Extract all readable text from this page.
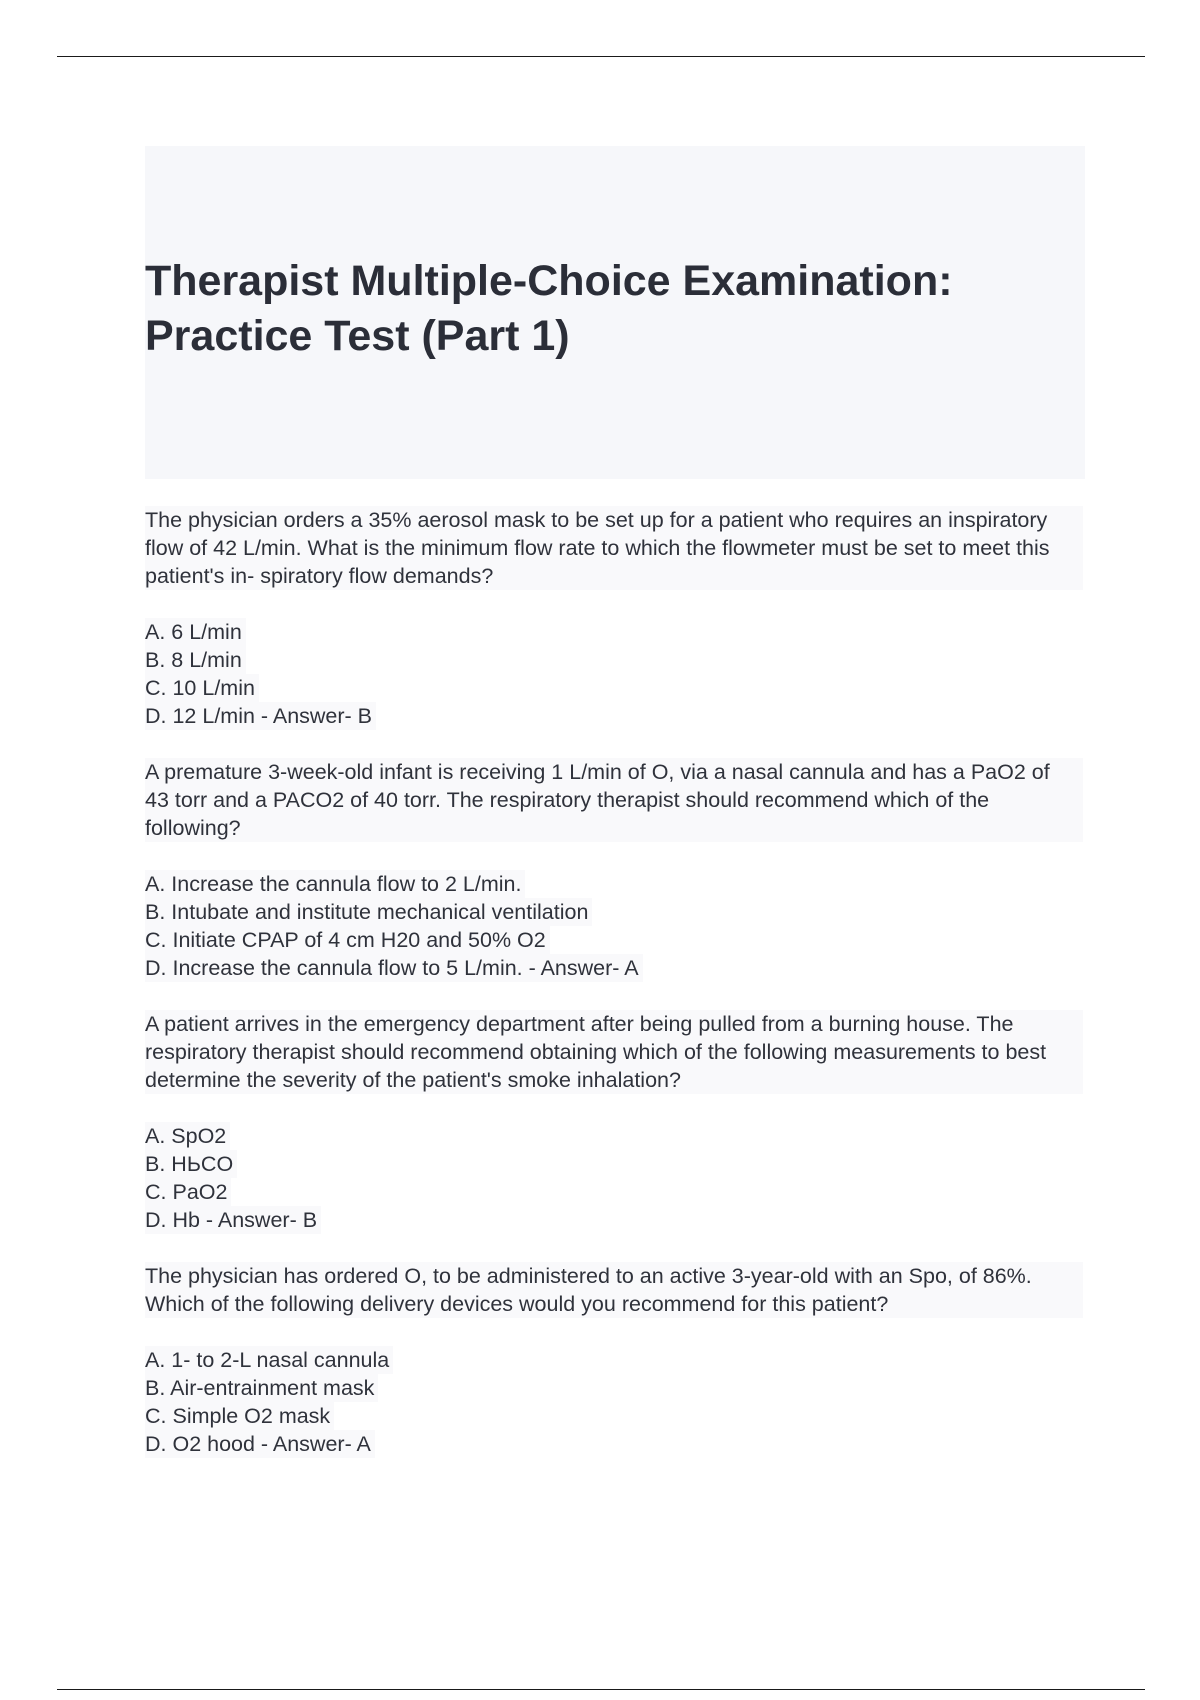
Therapist Multiple-Choice Examination: Practice Test (Part 1)
The physician orders a 35% aerosol mask to be set up for a patient who requires an inspiratory flow of 42 L/min. What is the minimum flow rate to which the flowmeter must be set to meet this patient's in- spiratory flow demands?
A. 6 L/min
B. 8 L/min
C. 10 L/min
D. 12 L/min - Answer- B
A premature 3-week-old infant is receiving 1 L/min of O, via a nasal cannula and has a PaO2 of 43 torr and a PACO2 of 40 torr. The respiratory therapist should recommend which of the following?
A. Increase the cannula flow to 2 L/min.
B. Intubate and institute mechanical ventilation
C. Initiate CPAP of 4 cm H20 and 50% O2
D. Increase the cannula flow to 5 L/min. - Answer- A
A patient arrives in the emergency department after being pulled from a burning house. The respiratory therapist should recommend obtaining which of the following measurements to best determine the severity of the patient's smoke inhalation?
A. SpO2
B. HЬCO
C. PaO2
D. Hb - Answer- B
The physician has ordered O, to be administered to an active 3-year-old with an Spo, of 86%. Which of the following delivery devices would you recommend for this patient?
A. 1- to 2-L nasal cannula
B. Air-entrainment mask
C. Simple O2 mask
D. O2 hood - Answer- A
